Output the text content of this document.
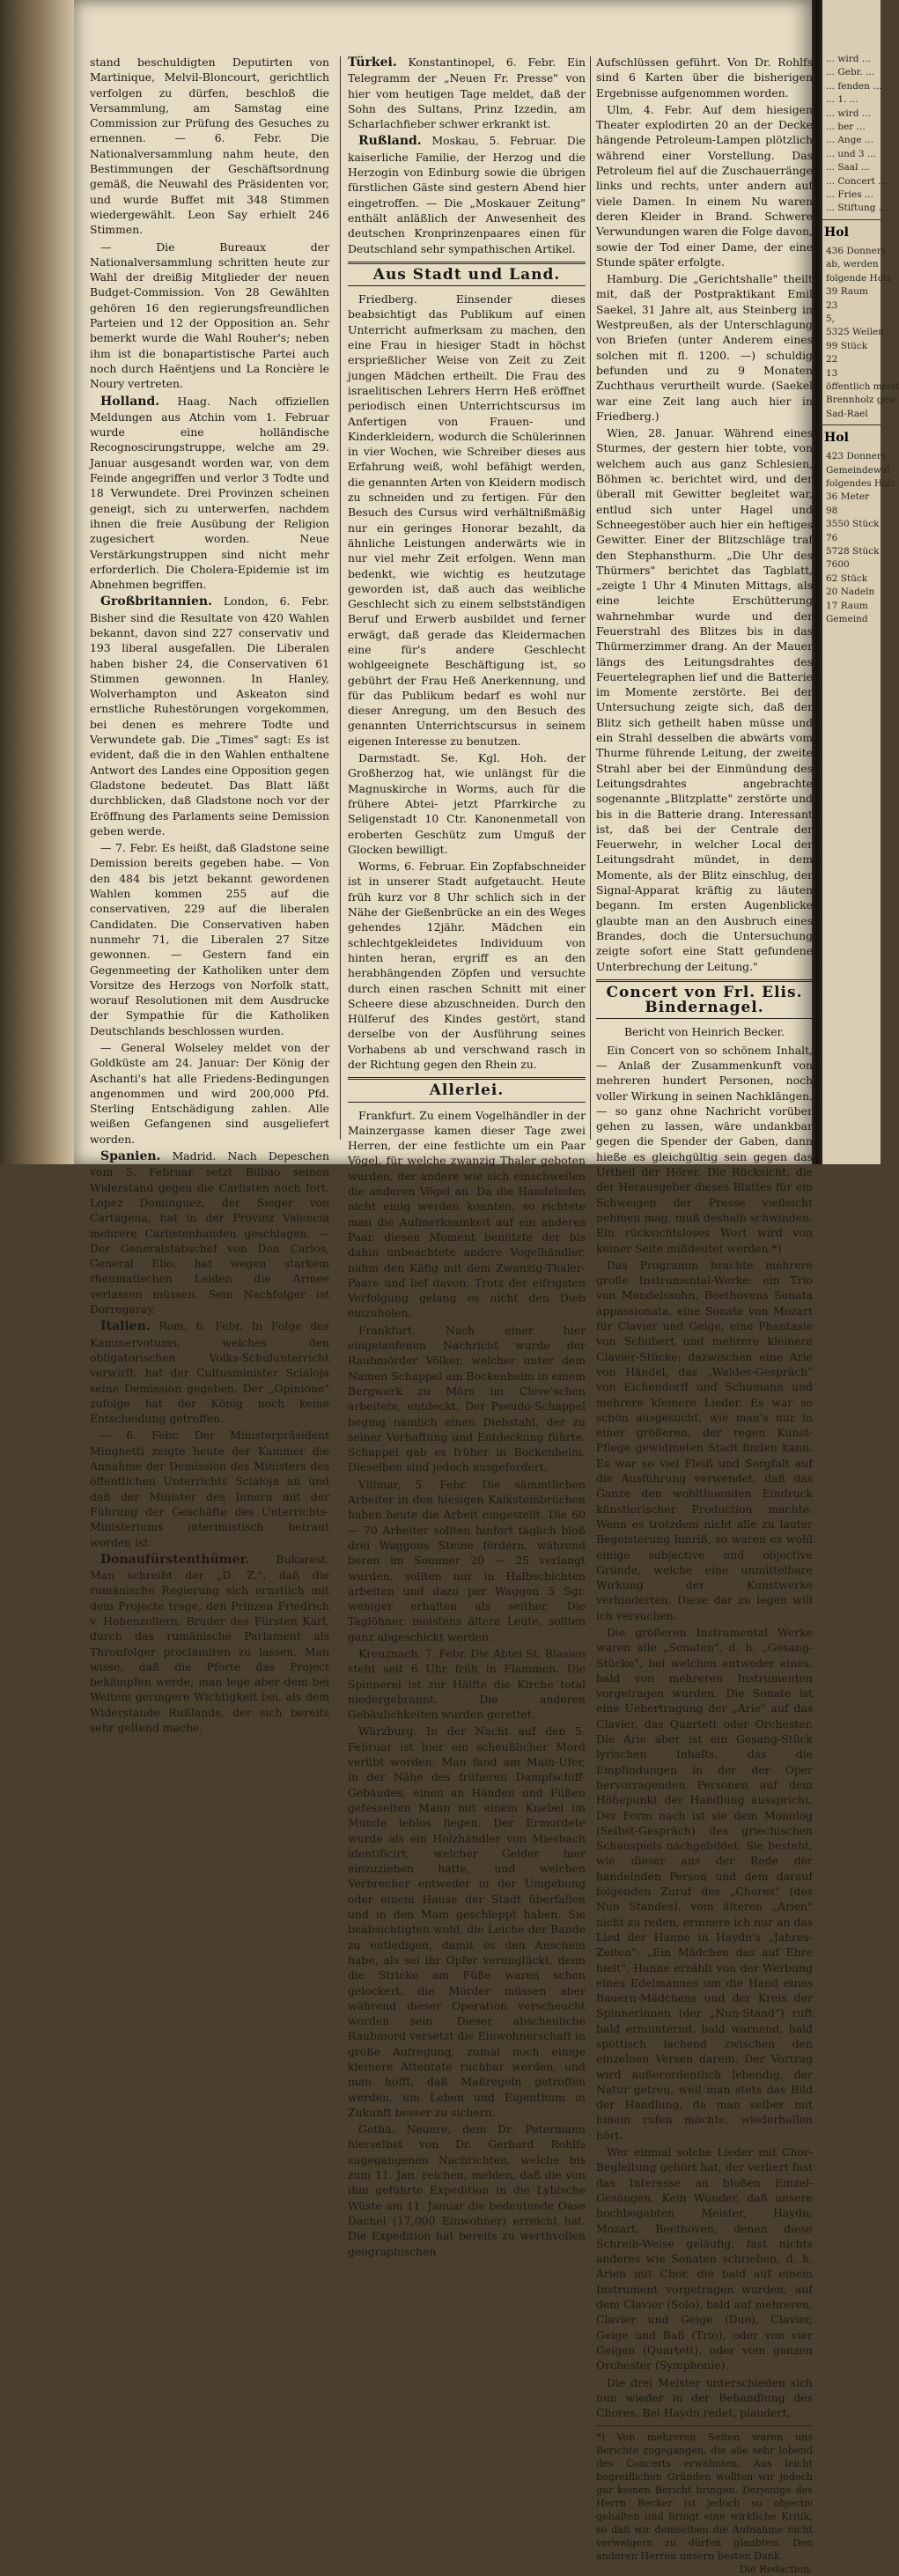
stand beschuldigten Deputirten von Martinique, Melvil-Bloncourt, gerichtlich verfolgen zu dürfen, beschloß die Versammlung, am Samstag eine Commission zur Prüfung des Gesuches zu ernennen. — 6. Febr. Die Nationalversammlung nahm heute, den Bestimmungen der Geschäftsordnung gemäß, die Neuwahl des Präsidenten vor, und wurde Buffet mit 348 Stimmen wiedergewählt. Leon Say erhielt 246 Stimmen.

— Die Bureaux der Nationalversammlung schritten heute zur Wahl der dreißig Mitglieder der neuen Budget-Commission. Von 28 Gewählten gehören 16 den regierungsfreundlichen Parteien und 12 der Opposition an. Sehr bemerkt wurde die Wahl Rouher's; neben ihm ist die bonapartistische Partei auch noch durch Haëntjens und La Roncière le Noury vertreten.

Holland. Haag. Nach offiziellen Meldungen aus Atchin vom 1. Februar wurde eine holländische Recognoscirungstruppe, welche am 29. Januar ausgesandt worden war, von dem Feinde angegriffen und verlor 3 Todte und 18 Verwundete. Drei Provinzen scheinen geneigt, sich zu unterwerfen, nachdem ihnen die freie Ausübung der Religion zugesichert worden. Neue Verstärkungstruppen sind nicht mehr erforderlich. Die Cholera-Epidemie ist im Abnehmen begriffen.

Großbritannien. London, 6. Febr. Bisher sind die Resultate von 420 Wahlen bekannt, davon sind 227 conservativ und 193 liberal ausgefallen. Die Liberalen haben bisher 24, die Conservativen 61 Stimmen gewonnen. In Hanley, Wolverhampton und Askeaton sind ernstliche Ruhestörungen vorgekommen, bei denen es mehrere Todte und Verwundete gab. Die „Times" sagt: Es ist evident, daß die in den Wahlen enthaltene Antwort des Landes eine Opposition gegen Gladstone bedeutet. Das Blatt läßt durchblicken, daß Gladstone noch vor der Eröffnung des Parlaments seine Demission geben werde.

— 7. Febr. Es heißt, daß Gladstone seine Demission bereits gegeben habe. — Von den 484 bis jetzt bekannt gewordenen Wahlen kommen 255 auf die conservativen, 229 auf die liberalen Candidaten. Die Conservativen haben nunmehr 71, die Liberalen 27 Sitze gewonnen. — Gestern fand ein Gegenmeeting der Katholiken unter dem Vorsitze des Herzogs von Norfolk statt, worauf Resolutionen mit dem Ausdrucke der Sympathie für die Katholiken Deutschlands beschlossen wurden.

— General Wolseley meldet von der Goldküste am 24. Januar: Der König der Aschanti's hat alle Friedens-Bedingungen angenommen und wird 200,000 Pfd. Sterling Entschädigung zahlen. Alle weißen Gefangenen sind ausgeliefert worden.

Spanien. Madrid. Nach Depeschen vom 5. Februar setzt Bilbao seinen Widerstand gegen die Carlisten noch fort. Lopez Dominguez, der Sieger von Cartagena, hat in der Provinz Valencia mehrere Carlistenbanden geschlagen. — Der Generalstabschef von Don Carlos, General Elio, hat wegen starkem rheumatischen Leiden die Armee verlassen müssen. Sein Nachfolger ist Dorregaray.

Italien. Rom, 6. Febr. In Folge des Kammervotums, welches den obligatorischen Volks-Schulunterricht verwirft, hat der Cultusminister Scialoja seine Demission gegeben. Der „Opinione" zufolge hat der König noch keine Entscheidung getroffen.

— 6. Febr. Der Ministerpräsident Minghetti zeigte heute der Kammer die Annahme der Demission des Ministers des öffentlichen Unterrichts Scialoja an und daß der Minister des Innern mit der Führung der Geschäfte des Unterrichts-Ministeriums interimistisch betraut worden ist.

Donaufürstenthümer. Bukarest. Man schreibt der „D. Z.", daß die rumänische Regierung sich ernstlich mit dem Projecte trage, den Prinzen Friedrich v. Hohenzollern, Bruder des Fürsten Karl, durch das rumänische Parlament als Thronfolger proclamiren zu lassen. Man wisse, daß die Pforte das Project bekämpfen werde; man lege aber dem bei Weitem geringere Wichtigkeit bei, als dem Widerstande Rußlands, der sich bereits sehr geltend mache.

Türkei. Konstantinopel, 6. Febr. Ein Telegramm der „Neuen Fr. Presse" von hier vom heutigen Tage meldet, daß der Sohn des Sultans, Prinz Izzedin, am Scharlachfieber schwer erkrankt ist.

Rußland. Moskau, 5. Februar. Die kaiserliche Familie, der Herzog und die Herzogin von Edinburg sowie die übrigen fürstlichen Gäste sind gestern Abend hier eingetroffen. — Die „Moskauer Zeitung" enthält anläßlich der Anwesenheit des deutschen Kronprinzenpaares einen für Deutschland sehr sympathischen Artikel.

Aus Stadt und Land.

Friedberg. Einsender dieses beabsichtigt das Publikum auf einen Unterricht aufmerksam zu machen, den eine Frau in hiesiger Stadt in höchst ersprießlicher Weise von Zeit zu Zeit jungen Mädchen ertheilt. Die Frau des israelitischen Lehrers Herrn Heß eröffnet periodisch einen Unterrichtscursus im Anfertigen von Frauen- und Kinderkleidern, wodurch die Schülerinnen in vier Wochen, wie Schreiber dieses aus Erfahrung weiß, wohl befähigt werden, die genannten Arten von Kleidern modisch zu schneiden und zu fertigen. Für den Besuch des Cursus wird verhältnißmäßig nur ein geringes Honorar bezahlt, da ähnliche Leistungen anderwärts wie in nur viel mehr Zeit erfolgen. Wenn man bedenkt, wie wichtig es heutzutage geworden ist, daß auch das weibliche Geschlecht sich zu einem selbstständigen Beruf und Erwerb ausbildet und ferner erwägt, daß gerade das Kleidermachen eine für's andere Geschlecht wohlgeeignete Beschäftigung ist, so gebührt der Frau Heß Anerkennung, und für das Publikum bedarf es wohl nur dieser Anregung, um den Besuch des genannten Unterrichtscursus in seinem eigenen Interesse zu benutzen.

Darmstadt. Se. Kgl. Hoh. der Großherzog hat, wie unlängst für die Magnuskirche in Worms, auch für die frühere Abtei- jetzt Pfarrkirche zu Seligenstadt 10 Ctr. Kanonenmetall von eroberten Geschütz zum Umguß der Glocken bewilligt.

Worms, 6. Februar. Ein Zopfabschneider ist in unserer Stadt aufgetaucht. Heute früh kurz vor 8 Uhr schlich sich in der Nähe der Gießenbrücke an ein des Weges gehendes 12jähr. Mädchen ein schlechtgekleidetes Individuum von hinten heran, ergriff es an den herabhängenden Zöpfen und versuchte durch einen raschen Schnitt mit einer Scheere diese abzuschneiden. Durch den Hülferuf des Kindes gestört, stand derselbe von der Ausführung seines Vorhabens ab und verschwand rasch in der Richtung gegen den Rhein zu.

Allerlei.

Frankfurt. Zu einem Vogelhändler in der Mainzergasse kamen dieser Tage zwei Herren, der eine festlichte um ein Paar Vögel, für welche zwanzig Thaler geboten wurden, der andere wie sich einschweilen die anderen Vögel an. Da die Handelnden nicht einig werden konnten, so richtete man die Aufmerksamkeit auf ein anderes Paar, diesen Moment benützte der bis dahin unbeachtete andere Vogelhändler, nahm den Käfig mit dem Zwanzig-Thaler-Paare und lief davon. Trotz der eifrigsten Verfolgung gelang es nicht den Dieb einzuholen.

Frankfurt. Nach einer hier eingelaufenen Nachricht wurde der Raubmörder Völker, welcher unter dem Namen Schappel am Bockenheim in einem Bergwerk zu Mörs im Cleve'schen arbeitete, entdeckt. Der Pseudo-Schappel beging nämlich einen Diebstahl, der zu seiner Verhaftung und Entdeckung führte. Schappel gab es früher in Bockenheim. Dieselben sind jedoch ausgefordert.

Villmar, 5. Febr. Die sämmtlichen Arbeiter in den hiesigen Kalksteinbrüchen haben heute die Arbeit eingestellt. Die 60 — 70 Arbeiter sollten hinfort täglich bloß drei Waggons Steine fördern, während beren im Sommer 20 — 25 verlangt wurden, sollten nur in Halbschichten arbeiten und dazu per Waggon 5 Sgr. weniger erhalten als seither. Die Taglöhner, meistens ältere Leute, sollten ganz abgeschickt werden.

Kreuznach, 7. Febr. Die Abtei St. Blasien steht seit 6 Uhr früh in Flammen. Die Spinnerei ist zur Hälfte die Kirche total niedergebrannt. Die anderen Gebäulichkeiten wurden gerettet.

Würzburg. In der Nacht auf den 5. Februar ist hier ein scheußlicher Mord verübt worden. Man fand am Main-Ufer, in der Nähe des früheren Dampfschiff-Gebäudes, einen an Händen und Füßen gefesselten Mann mit einem Knebel im Munde leblos liegen. Der Ermordete wurde als ein Holzhändler von Miesbach identificirt, welcher Gelder hier einzuziehen hatte, und welchen Verbrecher entweder in der Umgebung oder einem Hause der Stadt überfallen und in den Main geschleppt haben. Sie beabsichtigten wohl, die Leiche der Bande zu entledigen, damit es den Anschein habe, als sei ihr Opfer verunglückt, denn die Stricke am Füße waren schon gelockert, die Mörder müssen aber während dieser Operation verscheucht worden sein. Dieser abscheuliche Raubmord versetzt die Einwohnerschaft in große Aufregung, zumal noch einige kleinere Attentate ruchbar werden, und man hofft, daß Maßregeln getroffen werden, um Leben und Eigenthum in Zukunft besser zu sichern.

Gotha. Neuere, dem Dr. Petermann hierselbst von Dr. Gerhard Rohlfs zugegangenen Nachrichten, welche bis zum 11. Jan. reichen, melden, daß die von ihm geführte Expedition in die Lybische Wüste am 11. Januar die bedeutende Oase Dachel (17,000 Einwohner) erreicht hat. Die Expedition hat bereits zu werthvollen geographischen

Aufschlüssen geführt. Von Dr. Rohlfs sind 6 Karten über die bisherigen Ergebnisse aufgenommen worden.

Ulm, 4. Febr. Auf dem hiesigen Theater explodirten 20 an der Decke hängende Petroleum-Lampen plötzlich während einer Vorstellung. Das Petroleum fiel auf die Zuschauerränge links und rechts, unter andern auf viele Damen. In einem Nu waren deren Kleider in Brand. Schwere Verwundungen waren die Folge davon, sowie der Tod einer Dame, der eine Stunde später erfolgte.

Hamburg. Die „Gerichtshalle" theilt mit, daß der Postpraktikant Emil Saekel, 31 Jahre alt, aus Steinberg in Westpreußen, als der Unterschlagung von Briefen (unter Anderem eines solchen mit fl. 1200. —) schuldig befunden und zu 9 Monaten Zuchthaus verurtheilt wurde. (Saekel war eine Zeit lang auch hier in Friedberg.)

Wien, 28. Januar. Während eines Sturmes, der gestern hier tobte, von welchem auch aus ganz Schlesien, Böhmen ꝛc. berichtet wird, und der überall mit Gewitter begleitet war, entlud sich unter Hagel und Schneegestöber auch hier ein heftiges Gewitter. Einer der Blitzschläge traf den Stephansthurm. „Die Uhr des Thürmers" berichtet das Tagblatt, „zeigte 1 Uhr 4 Minuten Mittags, als eine leichte Erschütterung wahrnehmbar wurde und der Feuerstrahl des Blitzes bis in das Thürmerzimmer drang. An der Mauer längs des Leitungsdrahtes des Feuertelegraphen lief und die Batterie im Momente zerstörte. Bei der Untersuchung zeigte sich, daß der Blitz sich getheilt haben müsse und ein Strahl desselben die abwärts vom Thurme führende Leitung, der zweite Strahl aber bei der Einmündung des Leitungsdrahtes angebrachte sogenannte „Blitzplatte" zerstörte und bis in die Batterie drang. Interessant ist, daß bei der Centrale der Feuerwehr, in welcher Local der Leitungsdraht mündet, in dem Momente, als der Blitz einschlug, der Signal-Apparat kräftig zu läuten begann. Im ersten Augenblicke glaubte man an den Ausbruch eines Brandes, doch die Untersuchung zeigte sofort eine Statt gefundene Unterbrechung der Leitung."

Concert von Frl. Elis. Bindernagel.
Bericht von Heinrich Becker.

Ein Concert von so schönem Inhalt, — Anlaß der Zusammenkunft von mehreren hundert Personen, noch voller Wirkung in seinen Nachklängen. — so ganz ohne Nachricht vorüber gehen zu lassen, wäre undankbar gegen die Spender der Gaben, dann hieße es gleichgültig sein gegen das Urtheil der Hörer. Die Rücksicht, die der Herausgeber dieses Blattes für ein Schweigen der Presse vielleicht nehmen mag, muß deshalb schwinden. Ein rücksichtsloses Wort wird von keiner Seite mißdeutet werden.*)

Das Programm brachte mehrere große Instrumental-Werke: ein Trio von Mendelssohn, Beethovens Sonata appassionata, eine Sonate von Mozart für Clavier und Geige, eine Phantasie von Schubert und mehrere kleinere Clavier-Stücke; dazwischen eine Arie von Händel, das „Waldes-Gespräch" von Eichendorff und Schumann und mehrere kleinere Lieder. Es war so schön ausgesucht, wie man's nur in einer größeren, der regen Kunst-Pflege gewidmeten Stadt finden kann. Es war so viel Fleiß und Sorgfalt auf die Ausführung verwendet, daß das Ganze den wohlthuenden Eindruck künstlerischer Production machte. Wenn es trotzdem nicht alle zu lauter Begeisterung hinriß, so waren es wohl einige subjective und objective Gründe, welche eine unmittelbare Wirkung der Kunstwerke verhinderten. Diese dar zu legen will ich versuchen.

Die größeren Instrumental Werke waren alle „Sonaten", d. h. „Gesang-Stücke", bei welchen entweder eines, bald von mehreren Instrumenten vorgetragen wurden. Die Sonate ist eine Uebertragung der „Arie" auf das Clavier, das Quartett oder Orchester. Die Arie aber ist ein Gesang-Stück lyrischen Inhalts, das die Empfindungen in der der Oper hervorragenden Personen auf dem Höhepunkt der Handlung ausspricht. Der Form nach ist sie dem Monolog (Selbst-Gespräch) des griechischen Schauspiels nachgebildet. Sie besteht, wie dieser aus der Rede der handelnden Person und dem darauf folgenden Zuruf des „Chores" (des Nun Standes), vom älteren „Arien" nicht zu reden, erinnere ich nur an das Lied der Hanne in Haydn's „Jahres-Zeiten": „Ein Mädchen das auf Ehre hielt". Hanne erzählt von der Werbung eines Edelmannes um die Hand eines Bauern-Mädchens und der Kreis der Spinnerinnen (der „Nun-Stand") ruft bald ermunternd, bald warnend, bald spöttisch lachend zwischen den einzelnen Versen darein. Der Vortrag wird außerordentlich lebendig, der Natur getreu, weil man stets das Bild der Handlung, da man selber mit hinein rufen möchte, wiederhallen hört.

Wer einmal solche Lieder mit Chor-Begleitung gehört hat, der verliert fast das Interesse an bloßen Einzel-Gesängen. Kein Wunder, daß unsere hochbegabten Meister, Haydn, Mozart, Beethoven, denen diese Schreib-Weise geläufig, fast nichts anderes wie Sonaten schrieben, d. h. Arien mit Chor, die bald auf einem Instrument vorgetragen wurden, auf dem Clavier (Solo), bald auf mehreren, Clavier und Geige (Duo), Clavier, Geige und Baß (Trio), oder von vier Geigen (Quartett), oder vom ganzen Orchester (Symphonie).

Die drei Meister unterschieden sich nun wieder in der Behandlung des Chores. Bei Haydn redet, plaudert,

*) Von mehreren Seiten waren uns Berichte zugegangen, die alle sehr lobend des Concerts erwähnten. Aus leicht begreiflichen Gründen wollten wir jedoch gar keinen Bericht bringen. Derjenige des Herrn Becker ist jedoch so objectiv gehalten und bringt eine wirkliche Kritik, so daß wir demselben die Aufnahme nicht verweigern zu dürfen glaubten. Den anderen Herren unsern besten Dank.
Die Redaction.
... wird ...
... Gebr. ...
... fenden ...
... 1. ...
... wird ...
... ber ...
... Ange ...
... und 3 ...
... Saal ...
... Concert ...
... Fries ...
... Stiftung ...
Hol
436 Donners
ab, werden
folgende Holz
39 Raum
23
5,
5325 Wellen
99 Stück
22
13
öffentlich meist
Brennholz gew
Sad-Rael
Hol
423 Donners
Gemeindewal
folgendes Holz
36 Meter
98
3550 Stück
76
5728 Stück
7600
62 Stück
20 Nadeln
17 Raum
Gemeind
